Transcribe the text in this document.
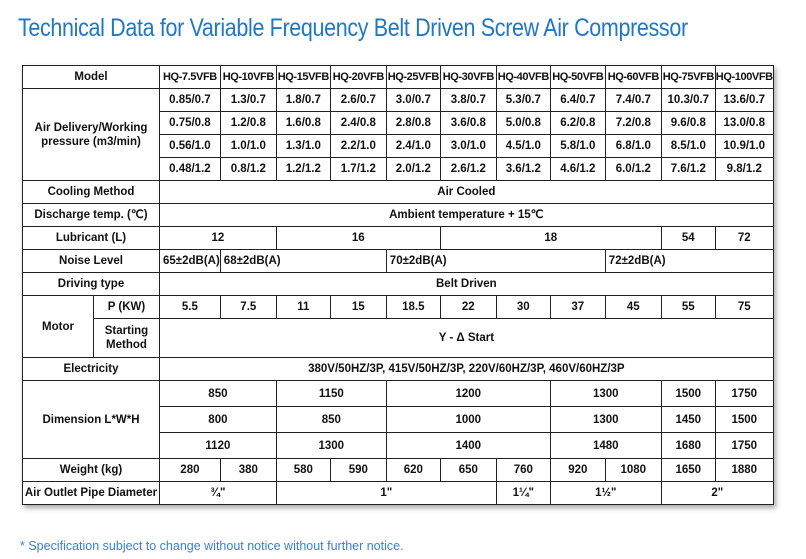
Technical Data for Variable Frequency Belt Driven Screw Air Compressor
Model		HQ-7.5VFB	HQ-10VFB	HQ-15VFB	HQ-20VFB	HQ-25VFB	HQ-30VFB	HQ-40VFB	HQ-50VFB	HQ-60VFB	HQ-75VFB	HQ-100VFB
Air Delivery/Working pressure (m3/min)		0.85/0.7	1.3/0.7	1.8/0.7	2.6/0.7	3.0/0.7	3.8/0.7	5.3/0.7	6.4/0.7	7.4/0.7	10.3/0.7	13.6/0.7
		0.75/0.8	1.2/0.8	1.6/0.8	2.4/0.8	2.8/0.8	3.6/0.8	5.0/0.8	6.2/0.8	7.2/0.8	9.6/0.8	13.0/0.8
		0.56/1.0	1.0/1.0	1.3/1.0	2.2/1.0	2.4/1.0	3.0/1.0	4.5/1.0	5.8/1.0	6.8/1.0	8.5/1.0	10.9/1.0
		0.48/1.2	0.8/1.2	1.2/1.2	1.7/1.2	2.0/1.2	2.6/1.2	3.6/1.2	4.6/1.2	6.0/1.2	7.6/1.2	9.8/1.2
Cooling Method		Air Cooled										
Discharge temp. (℃)		Ambient temperature + 15℃										
Lubricant (L)		12		16			18				54	72
Noise Level		65±2dB(A)	68±2dB(A)			70±2dB(A)				72±2dB(A)		
Driving type		Belt Driven										
Motor	P (KW)	5.5	7.5	11	15	18.5	22	30	37	45	55	75
	Starting Method	Y - Δ Start										
Electricity		380V/50HZ/3P, 415V/50HZ/3P, 220V/60HZ/3P, 460V/60HZ/3P										
Dimension L*W*H		850		1150		1200			1300		1500	1750
		800		850		1000			1300		1450	1500
		1120		1300		1400			1480		1680	1750
Weight (kg)		280	380	580	590	620	650	760	920	1080	1650	1880
Air Outlet Pipe Diameter		¾"		1"				1¼"	1½"		2"	
* Specification subject to change without notice without further notice.
